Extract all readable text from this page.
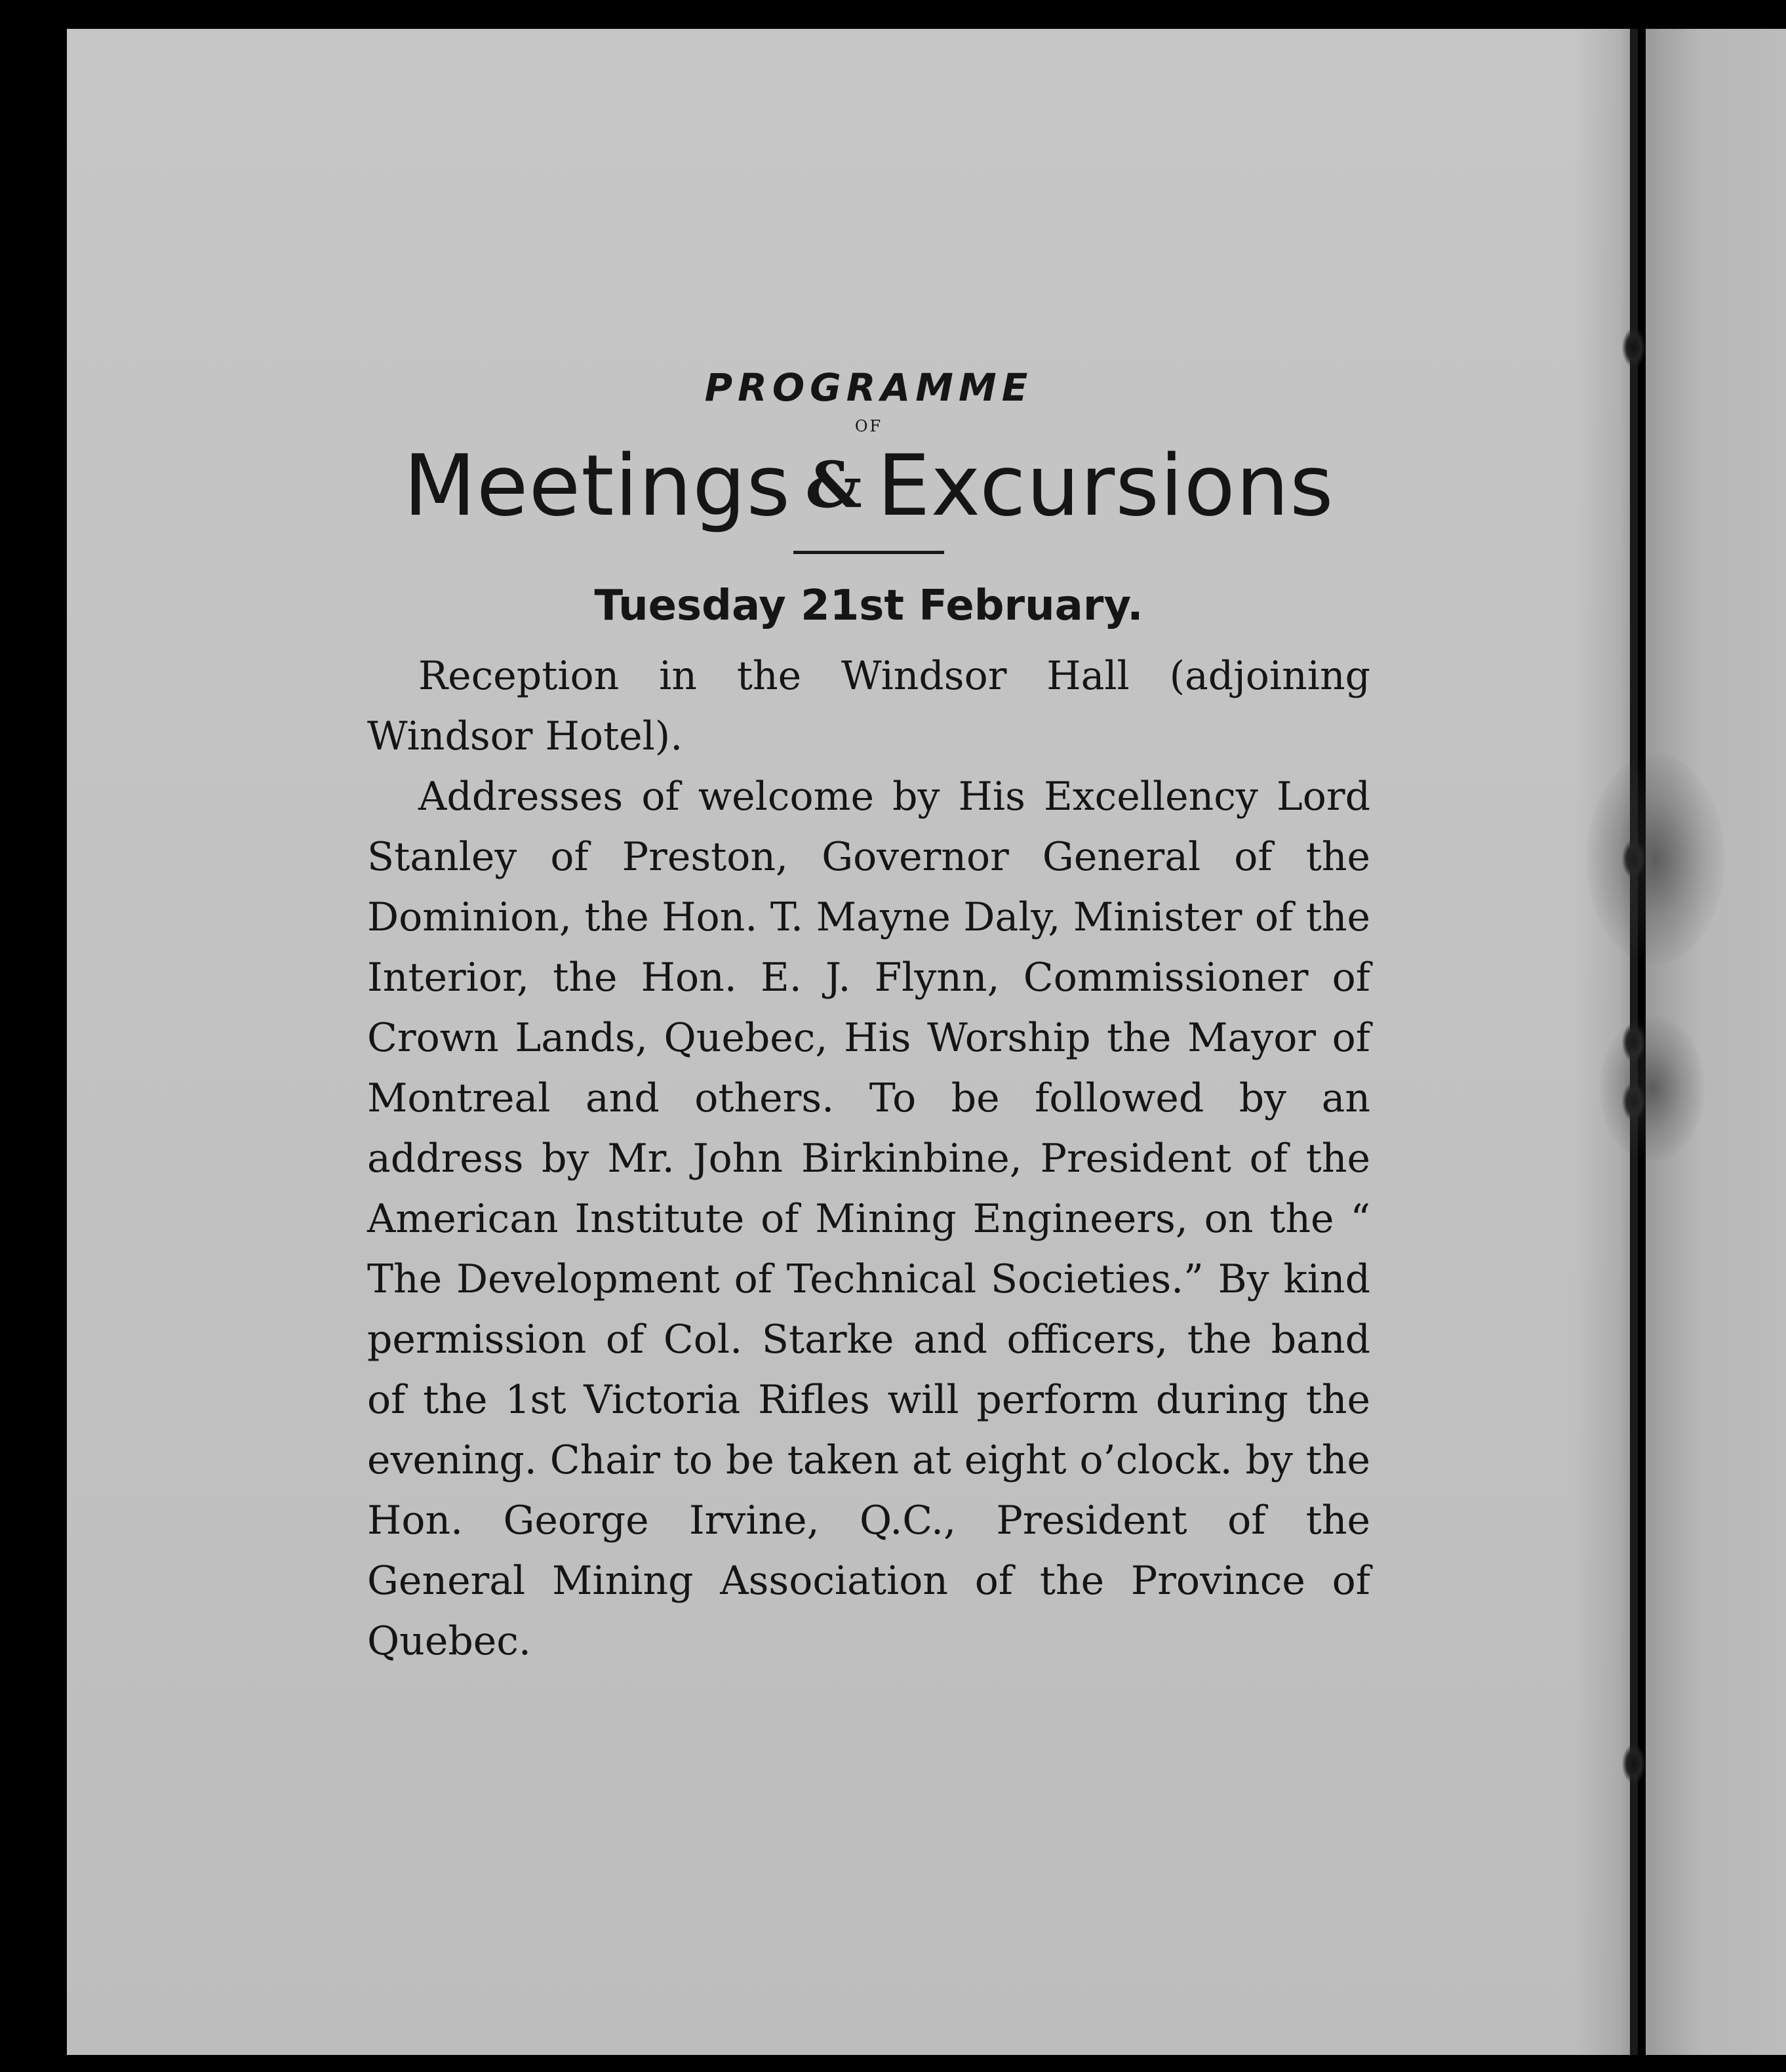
PROGRAMME
OF
Meetings & Excursions
Tuesday 21st February.

Reception in the Windsor Hall (adjoining Windsor Hotel).

Addresses of welcome by His Excellency Lord Stanley of Preston, Governor General of the Dominion, the Hon. T. Mayne Daly, Minister of the Interior, the Hon. E. J. Flynn, Commissioner of Crown Lands, Quebec, His Worship the Mayor of Montreal and others. To be followed by an address by Mr. John Birkinbine, President of the American Institute of Mining Engineers, on the “ The Development of Technical Societies.” By kind permission of Col. Starke and officers, the band of the 1st Victoria Rifles will perform during the evening. Chair to be taken at eight o’clock. by the Hon. George Irvine, Q.C., President of the General Mining Association of the Province of Quebec.
